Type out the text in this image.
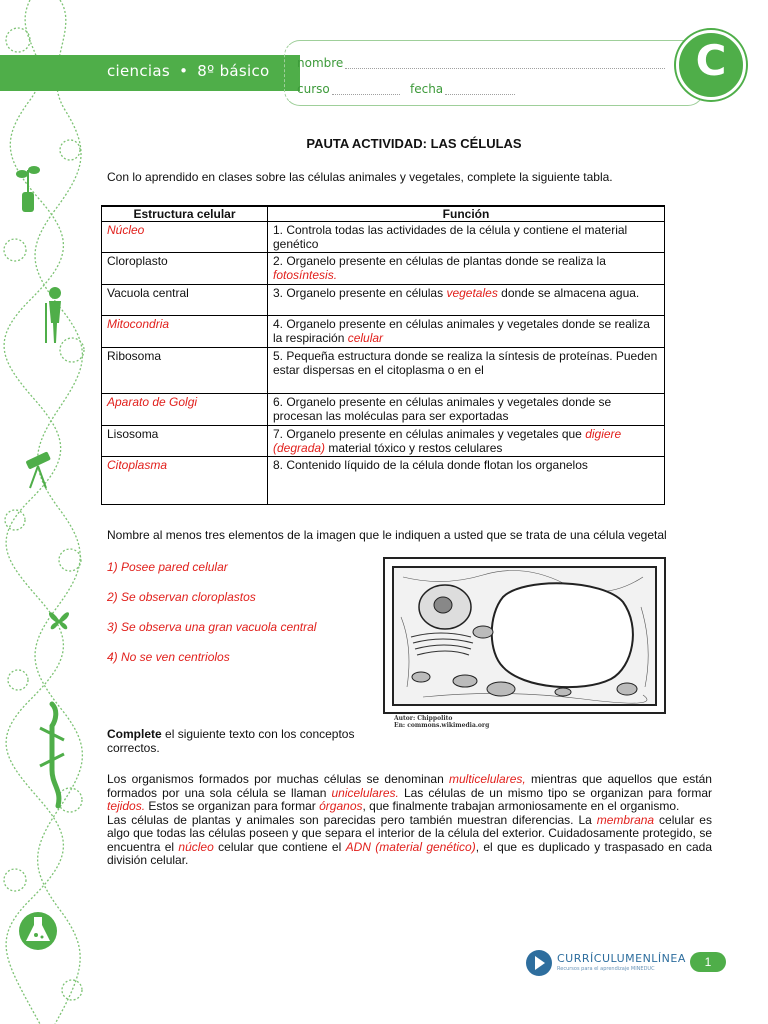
ciencias • 8º básico nombre
curso	fecha
C
PAUTA ACTIVIDAD: LAS CÉLULAS
Con lo aprendido en clases sobre las células animales y vegetales, complete la siguiente tabla.
Estructura celular	Función
Núcleo	1. Controla todas las actividades de la célula y contiene el material genético
Cloroplasto	2. Organelo presente en células de plantas donde se realiza la fotosíntesis.
Vacuola central	3. Organelo presente en células vegetales donde se almacena agua.
Mitocondria	4. Organelo presente en células animales y vegetales donde se realiza la respiración celular
Ribosoma	5. Pequeña estructura donde se realiza la síntesis de proteínas. Pueden estar dispersas en el citoplasma o en el
Aparato de Golgi	6. Organelo presente en células animales y vegetales donde se procesan las moléculas para ser exportadas
Lisosoma	7. Organelo presente en células animales y vegetales que digiere (degrada) material tóxico y restos celulares
Citoplasma	8. Contenido líquido de la célula donde flotan los organelos
Nombre al menos tres elementos de la imagen que le indiquen a usted que se trata de una célula vegetal
1) Posee pared celular
2) Se observan cloroplastos
3) Se observa una gran vacuola central
4) No se ven centriolos
Autor: Chippolito
En: commons.wikimedia.org
Complete el siguiente texto con los conceptos correctos.
Los organismos formados por muchas células se denominan multicelulares, mientras que aquellos que están formados por una sola célula se llaman unicelulares. Las células de un mismo tipo se organizan para formar tejidos. Estos se organizan para formar órganos, que finalmente trabajan armoniosamente en el organismo.
Las células de plantas y animales son parecidas pero también muestran diferencias. La membrana celular es algo que todas las células poseen y que separa el interior de la célula del exterior. Cuidadosamente protegido, se encuentra el núcleo celular que contiene el ADN (material genético), el que es duplicado y traspasado en cada división celular.
CURRÍCULUMENLÍNEA
Recursos para el aprendizaje MINEDUC	1
